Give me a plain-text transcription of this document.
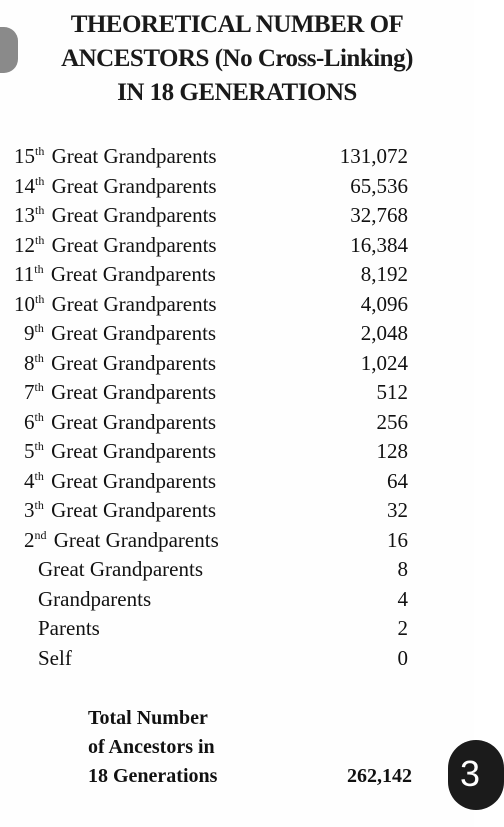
THEORETICAL NUMBER OF
ANCESTORS (No Cross-Linking)
IN 18 GENERATIONS
15th Great Grandparents	131,072
14th Great Grandparents	65,536
13th Great Grandparents	32,768
12th Great Grandparents	16,384
11th Great Grandparents	8,192
10th Great Grandparents	4,096
9th Great Grandparents	2,048
8th Great Grandparents	1,024
7th Great Grandparents	512
6th Great Grandparents	256
5th Great Grandparents	128
4th Great Grandparents	64
3th Great Grandparents	32
2nd Great Grandparents	16
Great Grandparents	8
Grandparents	4
Parents	2
Self	0
Total Number
of Ancestors in
18 Generations	262,142 3
